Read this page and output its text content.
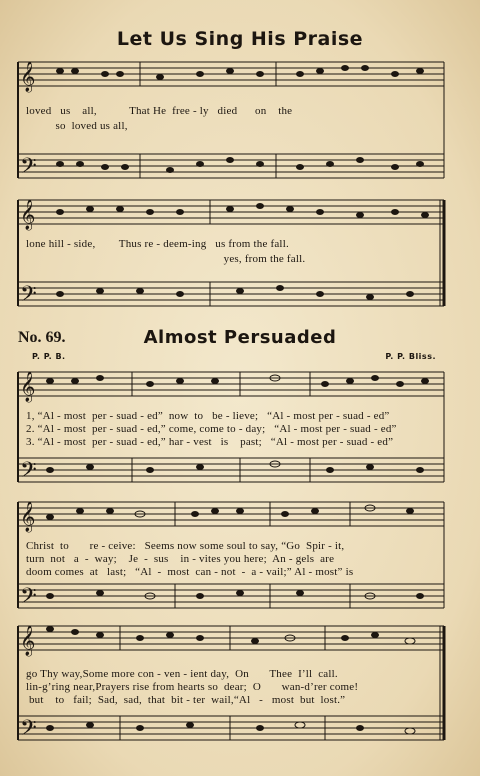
Let Us Sing His Praise
𝄞
𝄢
loved   us    all,           That He  free - ly   died      on    the
so  loved us all,
𝄞
𝄢
lone hill - side,        Thus re - deem-ing   us from the fall.
yes, from the fall.
No. 69.	Almost Persuaded
P. P. B.	P. P. Bliss.
𝄞
𝄢
1, “Al - most  per - suad - ed”  now  to   be - lieve;   “Al - most per - suad - ed”
2. “Al - most  per - suad - ed,” come, come to - day;   “Al - most per - suad - ed”
3. “Al - most  per - suad - ed,” har - vest   is    past;   “Al - most per - suad - ed”
𝄞
𝄢
Christ  to       re - ceive:   Seems now some soul to say, “Go  Spir - it,
turn  not   a  -  way;    Je  -  sus    in - vites you here;  An - gels  are
doom comes  at   last;   “Al  -  most  can - not  -  a - vail;” Al - most” is
𝄞
𝄢
go Thy way,Some more con - ven - ient day,  On       Thee  I’ll  call.
lin-g’ring near,Prayers rise from hearts so  dear;  O       wan-d’rer come!
but    to   fail;  Sad,  sad,  that  bit - ter  wail,“Al   -   most  but  lost.”
